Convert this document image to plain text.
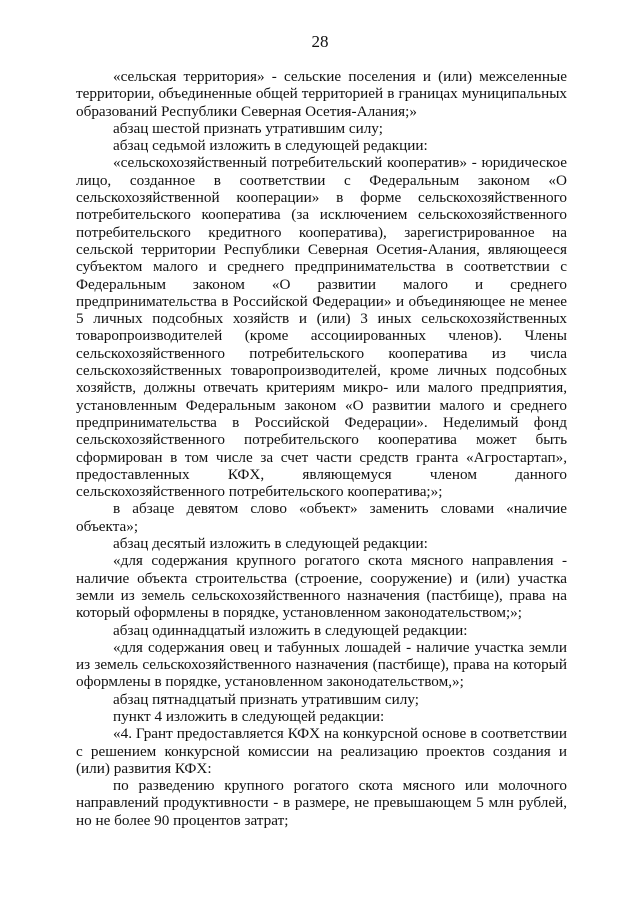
28

«сельская территория» - сельские поселения и (или) межселенные территории, объединенные общей территорией в границах муниципальных образований Республики Северная Осетия-Алания;»

абзац шестой признать утратившим силу;

абзац седьмой изложить в следующей редакции:

«сельскохозяйственный потребительский кооператив» - юридическое лицо, созданное в соответствии с Федеральным законом «О сельскохозяйственной кооперации» в форме сельскохозяйственного потребительского кооператива (за исключением сельскохозяйственного потребительского кредитного кооператива), зарегистрированное на сельской территории Республики Северная Осетия-Алания, являющееся субъектом малого и среднего предпринимательства в соответствии с Федеральным законом «О развитии малого и среднего предпринимательства в Российской Федерации» и объединяющее не менее 5 личных подсобных хозяйств и (или) 3 иных сельскохозяйственных товаропроизводителей (кроме ассоциированных членов). Члены сельскохозяйственного потребительского кооператива из числа сельскохозяйственных товаропроизводителей, кроме личных подсобных хозяйств, должны отвечать критериям микро- или малого предприятия, установленным Федеральным законом «О развитии малого и среднего предпринимательства в Российской Федерации». Неделимый фонд сельскохозяйственного потребительского кооператива может быть сформирован в том числе за счет части средств гранта «Агростартап», предоставленных КФХ, являющемуся членом данного сельскохозяйственного потребительского кооператива;»;

в абзаце девятом слово «объект» заменить словами «наличие объекта»;

абзац десятый изложить в следующей редакции:

«для содержания крупного рогатого скота мясного направления - наличие объекта строительства (строение, сооружение) и (или) участка земли из земель сельскохозяйственного назначения (пастбище), права на который оформлены в порядке, установленном законодательством;»;

абзац одиннадцатый изложить в следующей редакции:

«для содержания овец и табунных лошадей - наличие участка земли из земель сельскохозяйственного назначения (пастбище), права на который оформлены в порядке, установленном законодательством,»;

абзац пятнадцатый признать утратившим силу;

пункт 4 изложить в следующей редакции:

«4. Грант предоставляется КФХ на конкурсной основе в соответствии с решением конкурсной комиссии на реализацию проектов создания и (или) развития КФХ:

по разведению крупного рогатого скота мясного или молочного направлений продуктивности - в размере, не превышающем 5 млн рублей, но не более 90 процентов затрат;
